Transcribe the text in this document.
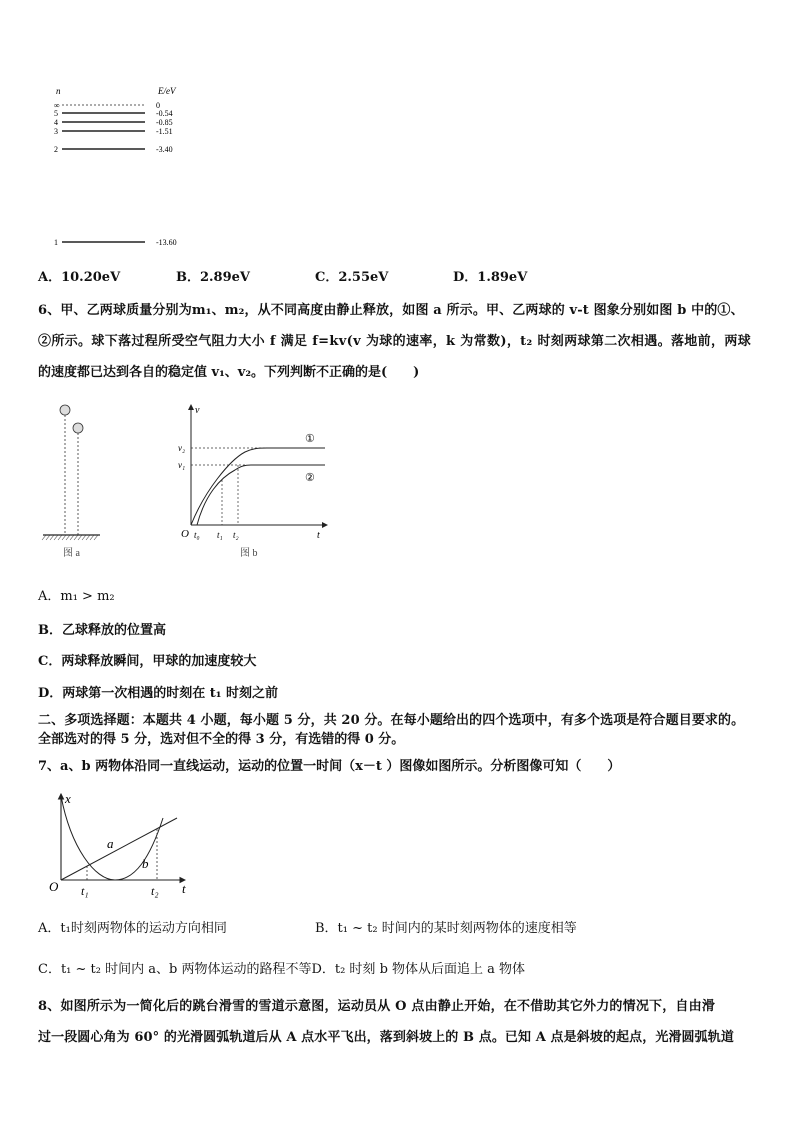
n	E/eV
∞	0
5	-0.54
4	-0.85
3	-1.51
2	-3.40
1	-13.60
A．10.20eV	B．2.89eV	C．2.55eV	D．1.89eV
6、甲、乙两球质量分别为m₁、m₂，从不同高度由静止释放，如图 a 所示。甲、乙两球的 v-t 图象分别如图 b 中的①、
②所示。球下落过程所受空气阻力大小 f 满足 f=kv(v 为球的速率，k 为常数)，t₂ 时刻两球第二次相遇。落地前，两球
的速度都已达到各自的稳定值 v₁、v₂。下列判断不正确的是(　　)
图 a
v
t
O
v₂
v₁
①
②
t₀ t₁ t₂
图 b
A．m₁ > m₂
B．乙球释放的位置高
C．两球释放瞬间，甲球的加速度较大
D．两球第一次相遇的时刻在 t₁ 时刻之前
二、多项选择题：本题共 4 小题，每小题 5 分，共 20 分。在每小题给出的四个选项中，有多个选项是符合题目要求的。
全部选对的得 5 分，选对但不全的得 3 分，有选错的得 0 分。
7、a、b 两物体沿同一直线运动，运动的位置一时间（x－t ）图像如图所示。分析图像可知（　　）
x
t
O
a
b
t₁	t₂
A．t₁时刻两物体的运动方向相同	B．t₁ ~ t₂ 时间内的某时刻两物体的速度相等
C．t₁ ~ t₂ 时间内 a、b 两物体运动的路程不等D．t₂ 时刻 b 物体从后面追上 a 物体
8、如图所示为一简化后的跳台滑雪的雪道示意图，运动员从 O 点由静止开始，在不借助其它外力的情况下，自由滑
过一段圆心角为 60° 的光滑圆弧轨道后从 A 点水平飞出，落到斜坡上的 B 点。已知 A 点是斜坡的起点，光滑圆弧轨道
